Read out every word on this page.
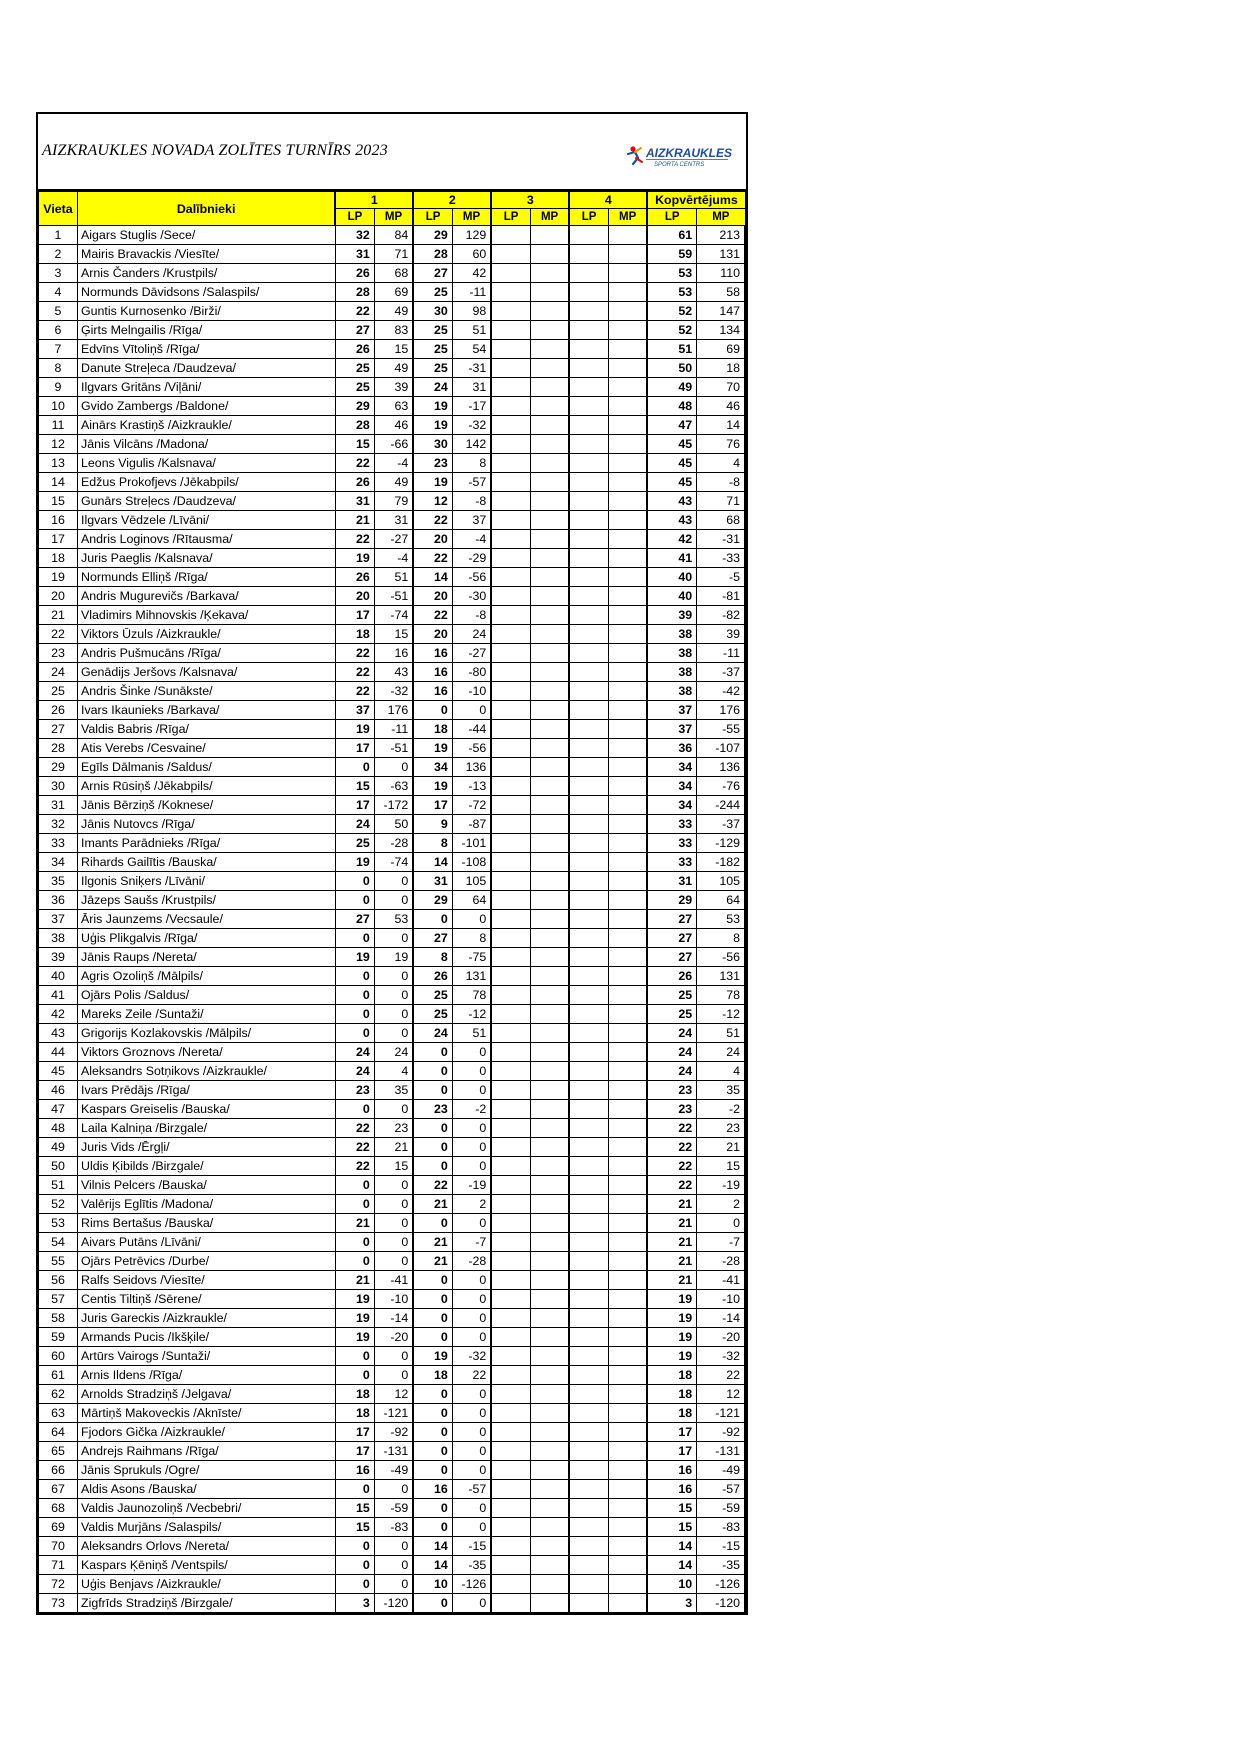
AIZKRAUKLES NOVADA ZOLĪTES TURNĪRS 2023	AIZKRAUKLES
SPORTA CENTRS
Vieta	Dalībnieki	1		2		3		4		Kopvērtējums	
		LP	MP	LP	MP	LP	MP	LP	MP	LP	MP
1	Aigars Stuglis /Sece/	32	84	29	129					61	213
2	Mairis Bravackis /Viesīte/	31	71	28	60					59	131
3	Arnis Čanders /Krustpils/	26	68	27	42					53	110
4	Normunds Dāvidsons /Salaspils/	28	69	25	-11					53	58
5	Guntis Kurnosenko /Birži/	22	49	30	98					52	147
6	Ģirts Melngailis /Rīga/	27	83	25	51					52	134
7	Edvīns Vītoliņš /Rīga/	26	15	25	54					51	69
8	Danute Streļeca /Daudzeva/	25	49	25	-31					50	18
9	Ilgvars Gritāns /Viļāni/	25	39	24	31					49	70
10	Gvido Zambergs /Baldone/	29	63	19	-17					48	46
11	Ainārs Krastiņš /Aizkraukle/	28	46	19	-32					47	14
12	Jānis Vilcāns /Madona/	15	-66	30	142					45	76
13	Leons Vigulis /Kalsnava/	22	-4	23	8					45	4
14	Edžus Prokofjevs /Jēkabpils/	26	49	19	-57					45	-8
15	Gunārs Streļecs /Daudzeva/	31	79	12	-8					43	71
16	Ilgvars Vēdzele /Līvāni/	21	31	22	37					43	68
17	Andris Loginovs /Rītausma/	22	-27	20	-4					42	-31
18	Juris Paeglis /Kalsnava/	19	-4	22	-29					41	-33
19	Normunds Elliņš /Rīga/	26	51	14	-56					40	-5
20	Andris Mugurevičs /Barkava/	20	-51	20	-30					40	-81
21	Vladimirs Mihnovskis /Ķekava/	17	-74	22	-8					39	-82
22	Viktors Ūzuls /Aizkraukle/	18	15	20	24					38	39
23	Andris Pušmucāns /Rīga/	22	16	16	-27					38	-11
24	Genādijs Jeršovs /Kalsnava/	22	43	16	-80					38	-37
25	Andris Šinke /Sunākste/	22	-32	16	-10					38	-42
26	Ivars Ikaunieks /Barkava/	37	176	0	0					37	176
27	Valdis Babris /Rīga/	19	-11	18	-44					37	-55
28	Atis Verebs /Cesvaine/	17	-51	19	-56					36	-107
29	Egīls Dālmanis /Saldus/	0	0	34	136					34	136
30	Arnis Rūsiņš /Jēkabpils/	15	-63	19	-13					34	-76
31	Jānis Bērziņš /Koknese/	17	-172	17	-72					34	-244
32	Jānis Nutovcs /Rīga/	24	50	9	-87					33	-37
33	Imants Parādnieks /Rīga/	25	-28	8	-101					33	-129
34	Rihards Gailītis /Bauska/	19	-74	14	-108					33	-182
35	Ilgonis Sniķers /Līvāni/	0	0	31	105					31	105
36	Jāzeps Saušs /Krustpils/	0	0	29	64					29	64
37	Āris Jaunzems /Vecsaule/	27	53	0	0					27	53
38	Uģis Plikgalvis /Rīga/	0	0	27	8					27	8
39	Jānis Raups /Nereta/	19	19	8	-75					27	-56
40	Agris Ozoliņš /Mālpils/	0	0	26	131					26	131
41	Ojārs Polis /Saldus/	0	0	25	78					25	78
42	Mareks Zeile /Suntaži/	0	0	25	-12					25	-12
43	Grigorijs Kozlakovskis /Mālpils/	0	0	24	51					24	51
44	Viktors Groznovs /Nereta/	24	24	0	0					24	24
45	Aleksandrs Sotņikovs /Aizkraukle/	24	4	0	0					24	4
46	Ivars Prēdājs /Rīga/	23	35	0	0					23	35
47	Kaspars Greiselis /Bauska/	0	0	23	-2					23	-2
48	Laila Kalniņa /Birzgale/	22	23	0	0					22	23
49	Juris Vids /Ērgļi/	22	21	0	0					22	21
50	Uldis Ķibilds /Birzgale/	22	15	0	0					22	15
51	Vilnis Pelcers /Bauska/	0	0	22	-19					22	-19
52	Valērijs Eglītis /Madona/	0	0	21	2					21	2
53	Rims Bertašus /Bauska/	21	0	0	0					21	0
54	Aivars Putāns /Līvāni/	0	0	21	-7					21	-7
55	Ojārs Petrēvics /Durbe/	0	0	21	-28					21	-28
56	Ralfs Seidovs /Viesīte/	21	-41	0	0					21	-41
57	Centis Tiltiņš /Sērene/	19	-10	0	0					19	-10
58	Juris Gareckis /Aizkraukle/	19	-14	0	0					19	-14
59	Armands Pucis /Ikšķile/	19	-20	0	0					19	-20
60	Artūrs Vairogs /Suntaži/	0	0	19	-32					19	-32
61	Arnis Ildens /Rīga/	0	0	18	22					18	22
62	Arnolds Stradziņš /Jelgava/	18	12	0	0					18	12
63	Mārtiņš Makoveckis /Aknīste/	18	-121	0	0					18	-121
64	Fjodors Gička /Aizkraukle/	17	-92	0	0					17	-92
65	Andrejs Raihmans /Rīga/	17	-131	0	0					17	-131
66	Jānis Sprukuls /Ogre/	16	-49	0	0					16	-49
67	Aldis Asons /Bauska/	0	0	16	-57					16	-57
68	Valdis Jaunozoliņš /Vecbebri/	15	-59	0	0					15	-59
69	Valdis Murjāns /Salaspils/	15	-83	0	0					15	-83
70	Aleksandrs Orlovs /Nereta/	0	0	14	-15					14	-15
71	Kaspars Ķēniņš /Ventspils/	0	0	14	-35					14	-35
72	Uģis Benjavs /Aizkraukle/	0	0	10	-126					10	-126
73	Zigfrīds Stradziņš /Birzgale/	3	-120	0	0					3	-120
